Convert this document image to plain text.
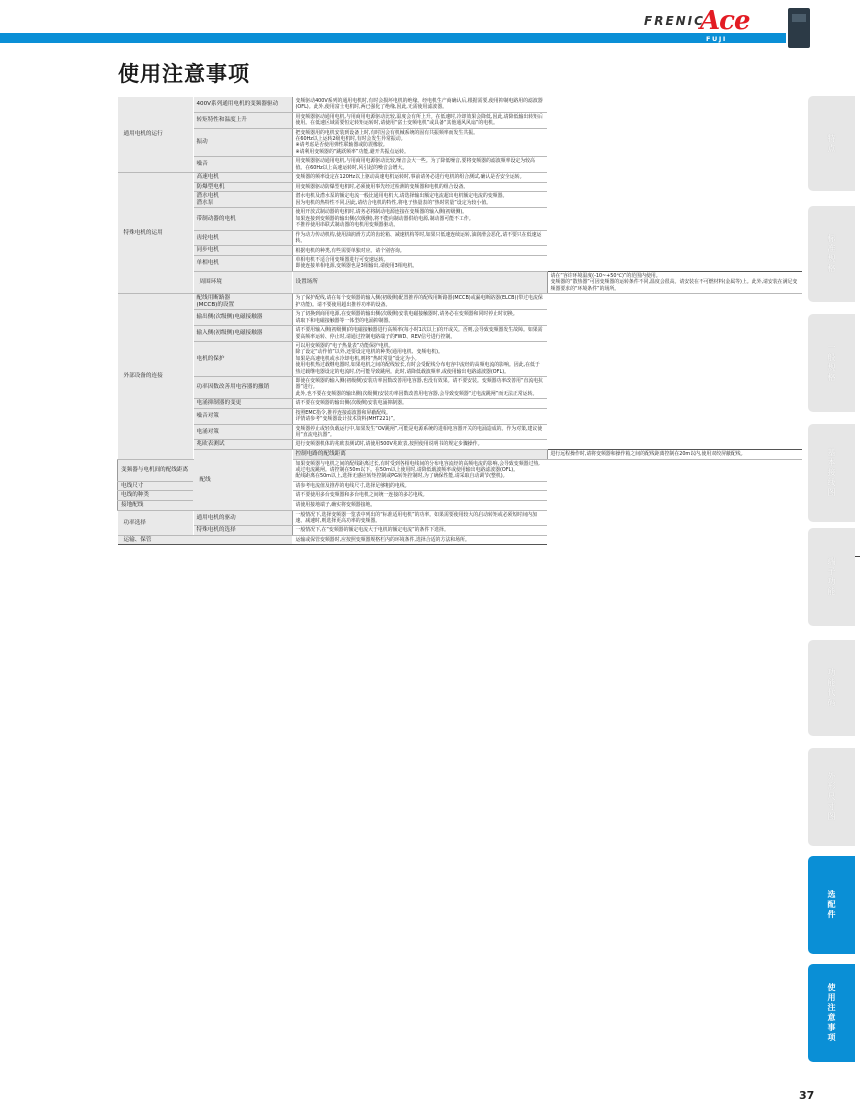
FRENIC
Ace
FUJI INVERTERS
使用注意事项
通用电机的运行	400V系列通用电机的变频器驱动	变频驱动400V系列的通用电机时,有时会损坏电机的绝缘。经电机生产商确认后,根据需要,使用抑制电路用的滤波器(OFL)。此外,使用富士电机时,两已强化了绝缘,因此,无需使用滤波器。	
	转矩特性和温度上升	用变频器驱动通用电机,与用商用电源驱动比较,温度会有所上升。在低速时,冷却效果会降低,因此,请降低输出转矩后使用。在低速区域需要恒定转矩运转时,请使用“富士变频电机”或具备“其他通风风扇”的电机。	
	振动	把变频器用的电机安装到设备上时,有时因会有机械系统的固有共振频率而发生共振。
在60Hz以上运转2级电机时,有时会发生异常振动。
※请考虑是否使用弹性联轴器或防震橡胶。
※请利用变频器的“跳跃频率”功能,避开共振点运转。	
	噪音	用变频器驱动通用电机,与用商用电源驱动比较,噪音会大一些。为了降低噪音,要将变频器的滤波频率设定为较高值。在60Hz以上高速运转时,风引起的噪音会增大。	
特殊电机的运用	高速电机	变频器的频率设定在120Hz以上驱动高速电机运转时,事前请务必进行电机的组合测试,确认是否安全运转。	
	防爆型电机	用变频器驱动防爆型电机时,必须使用事先经过检测的变频器和电机的组合设备。	
	潜水电机
潜水泵	潜水电机及潜水泵的额定电流一般比通用电机大,请选择输出额定电流超出电机额定电流的变频器。
因为电机的热特性不同,因此,请结合电机的特性,将电子热量表的“热时常量”设定为较小值。	
	带制动器的电机	使用开放式制动器的电机时,请务必将制动电源连接在变频器的输入侧(初级侧)。
如果连接到变频器的输出侧(次级侧),将不能向制动器供给电源,制动器可能不工作。
不推荐使用串联式制动器的电机用变频器驱动。	
	齿轮电机	作为动力传动机构,使用油润滑方式的齿轮箱、减速机构等时,如果只低速连续运转,油润滑会恶化,请不要只在低速运转。	
	同步电机	根据电机的种类,有些需要单独对应。请个别咨询。	
	单相电机	单相电机不适合用变频器进行可变速运转。
即使连接单相电源,变频器也是3相输出,请使用3相电机。	
	周围环境	设置场所	请在“容许环境温度(-10~+50℃)”的范围内使用。
变频器的“散热器”可因变频器的运转条件不同,温度会很高。请安装在不可燃材料(金属等)上。此外,请安装在满足变频器要求的“环境条件”的场所。
外部设备的连接	配线用断路器
(MCCB)的设置	为了保护配线,请在每个变频器的输入侧(初级侧)配置推荐的配线用断路器(MCCB)或漏电断路器(ELCB)(带过电流保护功能)。请不要使用超出推荐功率的设备。	
	输出侧(次级侧)电磁接触器	为了切换到商用电源,在变频器的输出侧(次级侧)安装电磁接触器时,请务必在变频器和同时停止时切换。
请取下和电磁接触器等一体型的电涌抑制器。	
	输入侧(初级侧)电磁接触器	请不要用输入侧(初级侧)的电磁接触器进行高频率(每小时1次以上)的开或关。否则,会导致变频器发生故障。如果需要高频率运转、停止时,请通过控制电路端子的FWD、REV信号进行控制。	
	电机的保护	可以用变频器的“电子热量表”功能保护电机。
除了设定“动作值”以外,还要设定电机的种类(通用电机、变频电机)。
如果是高速电机或水冷却电机,则将“热时常量”设定为小。
使用电机热过载继电器时,如果电机之间的配线较长,有时会受配线分布电容中流经的高频电流的影响。因此,在低于热过载继电器设定的电流时,仍可能导致跳闸。此时,请降低载波频率,或使用输出电路滤波器(OFL)。	
	功率因数改善用电容器的撤销	即使在变频器的输入侧(初级侧)安装功率因数改善用电容器,也没有效果。请不要安装。变频器功率改善用“直流电抗器”进行。
此外,也不要在变频器的输出侧(次级侧)安装功率因数改善用电容器,会导致变频器“过电流跳闸”而无法正常运转。	
	电涌抑制器的变更	请不要在变频器的输出侧(次级侧)安装电涌抑制器。	
	噪音对策	按照EMC指令,推荐连接滤波器和屏蔽配线。
详情请参考“变频器设计技术资料(MHT221)”。	
	电涌对策	变频器停止或轻负载运行中,如果发生“OV跳闸”,可能是电源系统的进相电容器开关的电涌造成的。作为对策,建议使用“直流电抗器”。	
	兆欧表测试	进行变频器机体的兆欧表测试时,请使用500V兆欧表,按照使用说明书的规定步骤操作。	
	配线	控制电路的配线距离	进行远程操作时,请将变频器和操作箱之间的配线距离控制在20m以内,使用双绞屏蔽配线。
变频器与电机间的配线距离		如果变频器与电机之间的配线距离过长,有时受到各相电线间的分布电容流经的高频电流的影响,会导致变频器过热,或过电流跳闸。请控制在50m以下。在50m以上使用时,请降低载波频率或使用输出电路滤波器(OFL)。
配线距离在50m以上,选择无感应转矩控制或PG转矩控制时,为了确保性能,请采取自动调节(整机)。	
电线尺寸		请参考电流值及推荐的电线尺寸,选择足够粗的电线。	
电线的种类		请不要使用多台变频器和多台电机之间统一连接的多芯电线。	
接地配线		请使用接地端子,确实将变频器接地。	
功率选择	通用电机的驱动	一般情况下,选择变频器一览表中列出的“标准适用电机”的功率。如果需要使用较大的启动转矩或必须短时间内加速、减速时,则选择更高功率的变频器。	
	特殊电机的选择	一般情况下,在“变频器的额定电流大于电机的额定电流”的条件下选择。	
运输、保管		运输或保管变频器时,应按照变频器规格栏内的环境条件,选择合适的方法和场所。	
特点
标准规格
一般规格
基本接线图
端子功能
功能代码
外形尺寸图
选配件
使用注意事项
37
